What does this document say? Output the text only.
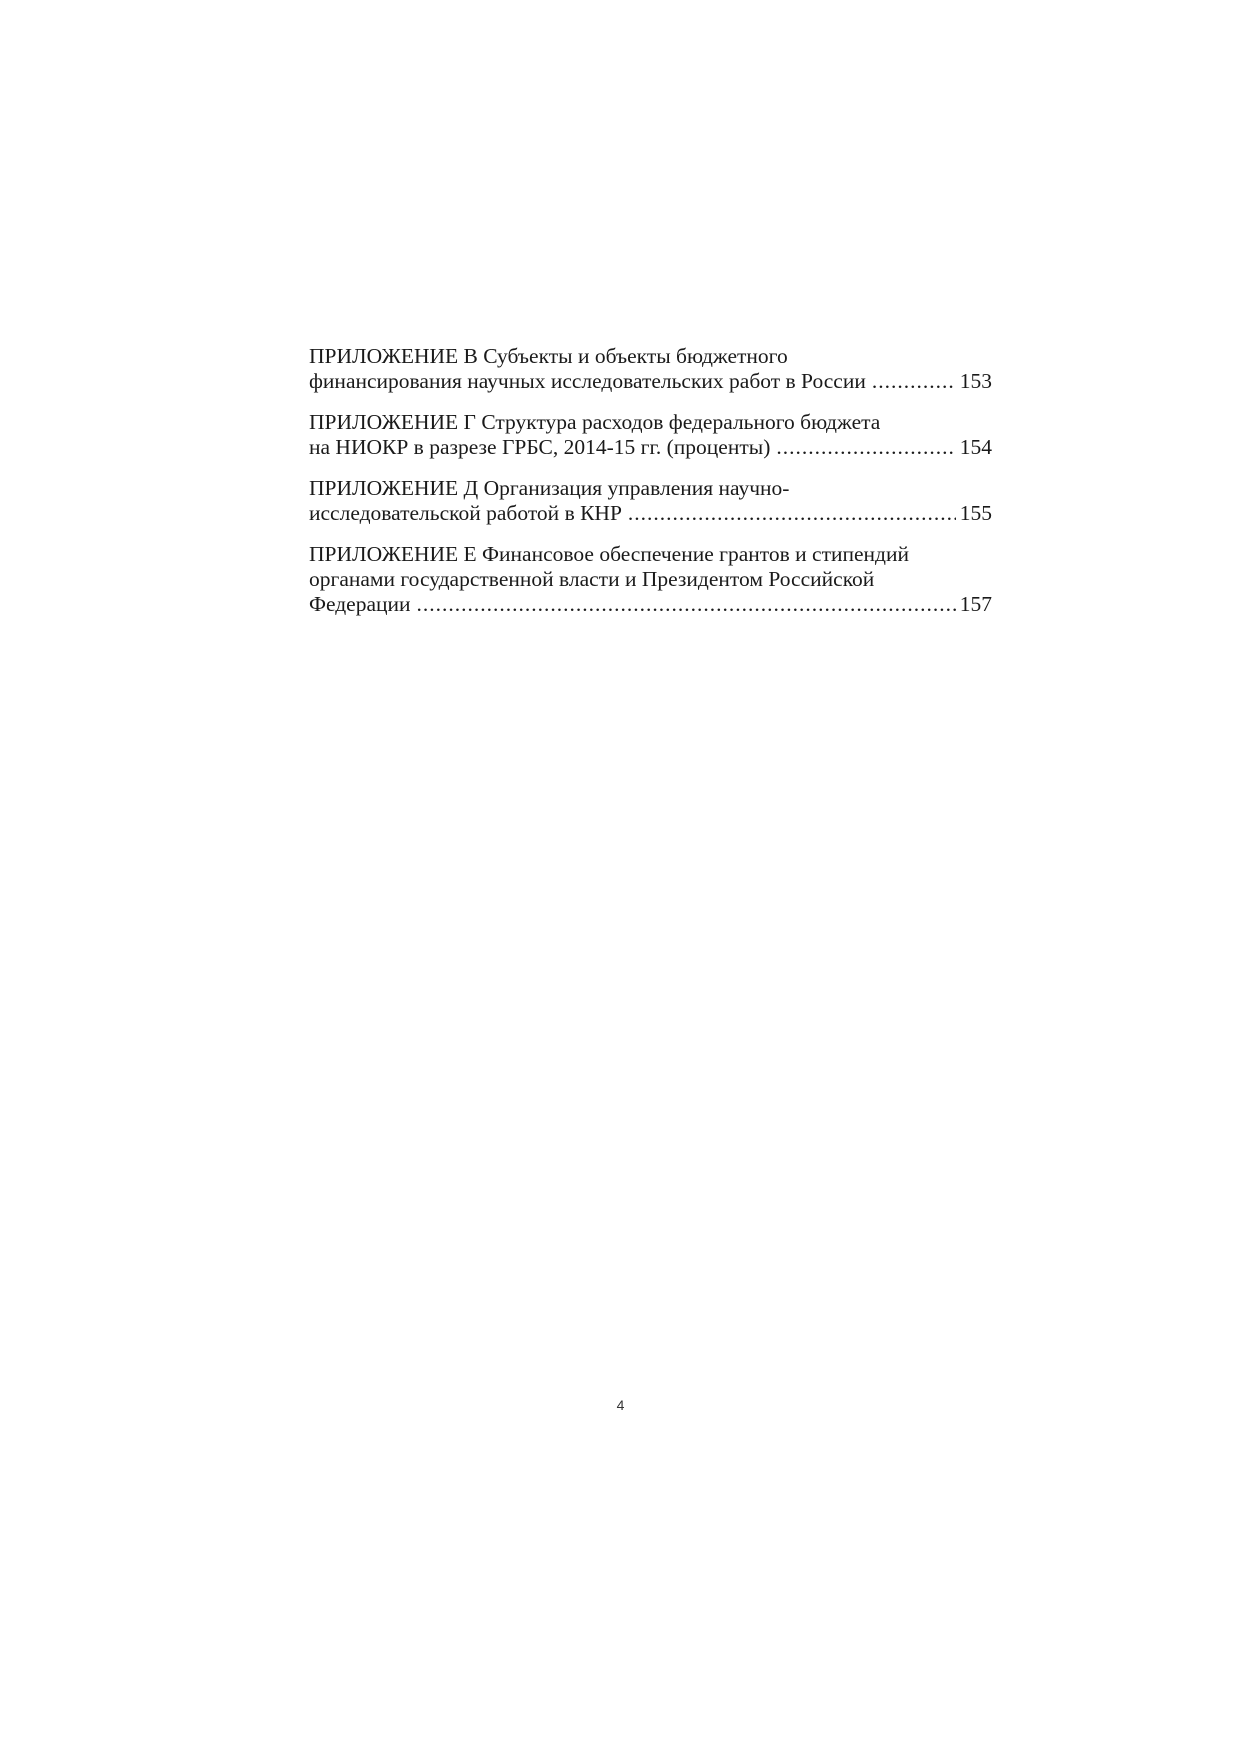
ПРИЛОЖЕНИЕ В Субъекты и объекты бюджетного
финансирования научных исследовательских работ в России .....	153
ПРИЛОЖЕНИЕ Г Структура расходов федерального бюджета
на НИОКР в разрезе ГРБС, 2014-15 гг. (проценты) .....	154
ПРИЛОЖЕНИЕ Д Организация управления научно-
исследовательской работой в КНР .....	155
ПРИЛОЖЕНИЕ Е Финансовое обеспечение грантов и стипендий
органами государственной власти и Президентом Российской
Федерации .....	157
4
